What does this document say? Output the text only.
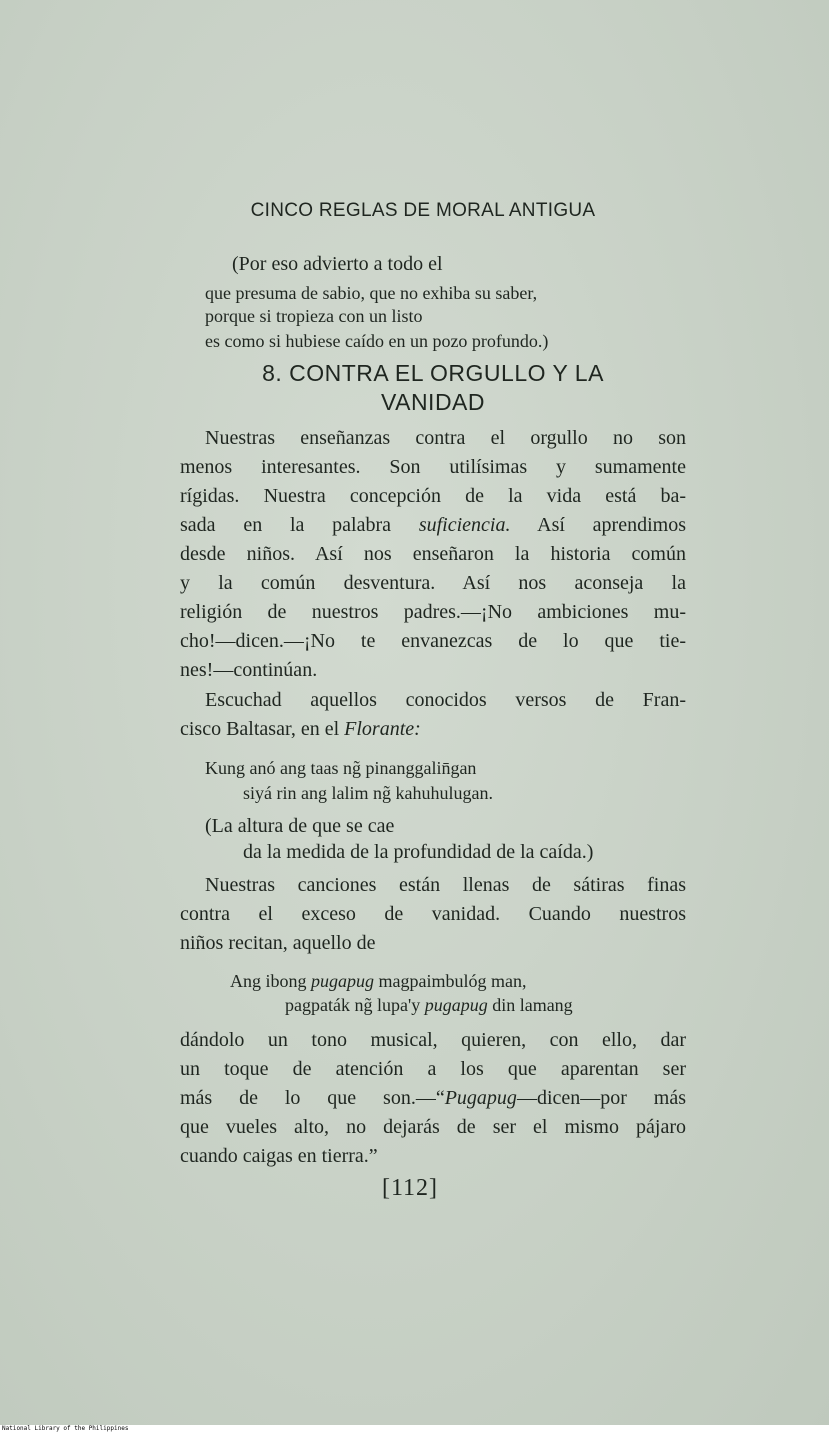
CINCO REGLAS DE MORAL ANTIGUA
(Por eso advierto a todo el
que presuma de sabio, que no exhiba su saber,
porque si tropieza con un listo
es como si hubiese caído en un pozo profundo.)
8. CONTRA EL ORGULLO Y LA
VANIDAD
Nuestras enseñanzas contra el orgullo no son
menos interesantes. Son utilísimas y sumamente
rígidas. Nuestra concepción de la vida está ba-
sada en la palabra suficiencia. Así aprendimos
desde niños. Así nos enseñaron la historia común
y la común desventura. Así nos aconseja la
religión de nuestros padres.—¡No ambiciones mu-
cho!—dicen.—¡No te envanezcas de lo que tie-
nes!—continúan.
Escuchad aquellos conocidos versos de Fran-
cisco Baltasar, en el Florante:
Kung anó ang taas ng̃ pinanggalin̄gan
siyá rin ang lalim ng̃ kahuhulugan.
(La altura de que se cae
da la medida de la profundidad de la caída.)
Nuestras canciones están llenas de sátiras finas
contra el exceso de vanidad. Cuando nuestros
niños recitan, aquello de
Ang ibong pugapug magpaimbulóg man,
pagpaták ng̃ lupa'y pugapug din lamang
dándolo un tono musical, quieren, con ello, dar
un toque de atención a los que aparentan ser
más de lo que son.—“Pugapug—dicen—por más
que vueles alto, no dejarás de ser el mismo pájaro
cuando caigas en tierra.”
[112]
National Library of the Philippines
